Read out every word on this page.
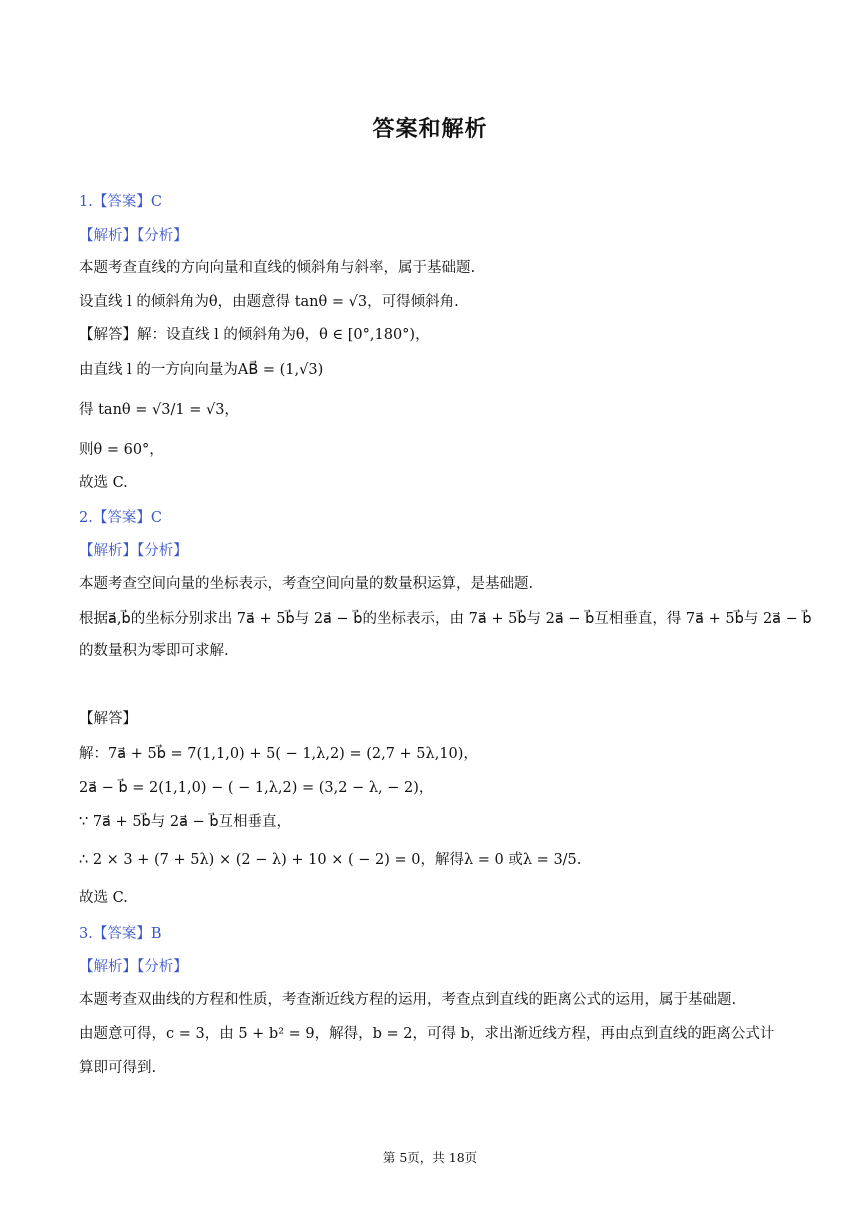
答案和解析
1.【答案】C
【解析】【分析】
本题考查直线的方向向量和直线的倾斜角与斜率，属于基础题.
设直线 l 的倾斜角为θ，由题意得 tanθ = √3，可得倾斜角.
【解答】解：设直线 l 的倾斜角为θ，θ ∈ [0°,180°)，
由直线 l 的一方向向量为AB⃗ = (1,√3)
得 tanθ = √3/1 = √3，
则θ = 60°，
故选 C.
2.【答案】C
【解析】【分析】
本题考查空间向量的坐标表示，考查空间向量的数量积运算，是基础题.
根据a⃗,b⃗的坐标分别求出 7a⃗ + 5b⃗与 2a⃗ − b⃗的坐标表示，由 7a⃗ + 5b⃗与 2a⃗ − b⃗互相垂直，得 7a⃗ + 5b⃗与 2a⃗ − b⃗
的数量积为零即可求解.
【解答】
解：7a⃗ + 5b⃗ = 7(1,1,0) + 5( − 1,λ,2) = (2,7 + 5λ,10)，
2a⃗ − b⃗ = 2(1,1,0) − ( − 1,λ,2) = (3,2 − λ, − 2)，
∵ 7a⃗ + 5b⃗与 2a⃗ − b⃗互相垂直，
∴ 2 × 3 + (7 + 5λ) × (2 − λ) + 10 × ( − 2) = 0，解得λ = 0 或λ = 3/5.
故选 C.
3.【答案】B
【解析】【分析】
本题考查双曲线的方程和性质，考查渐近线方程的运用，考查点到直线的距离公式的运用，属于基础题.
由题意可得，c = 3，由 5 + b² = 9，解得，b = 2，可得 b，求出渐近线方程，再由点到直线的距离公式计
算即可得到.
第 5页，共 18页
